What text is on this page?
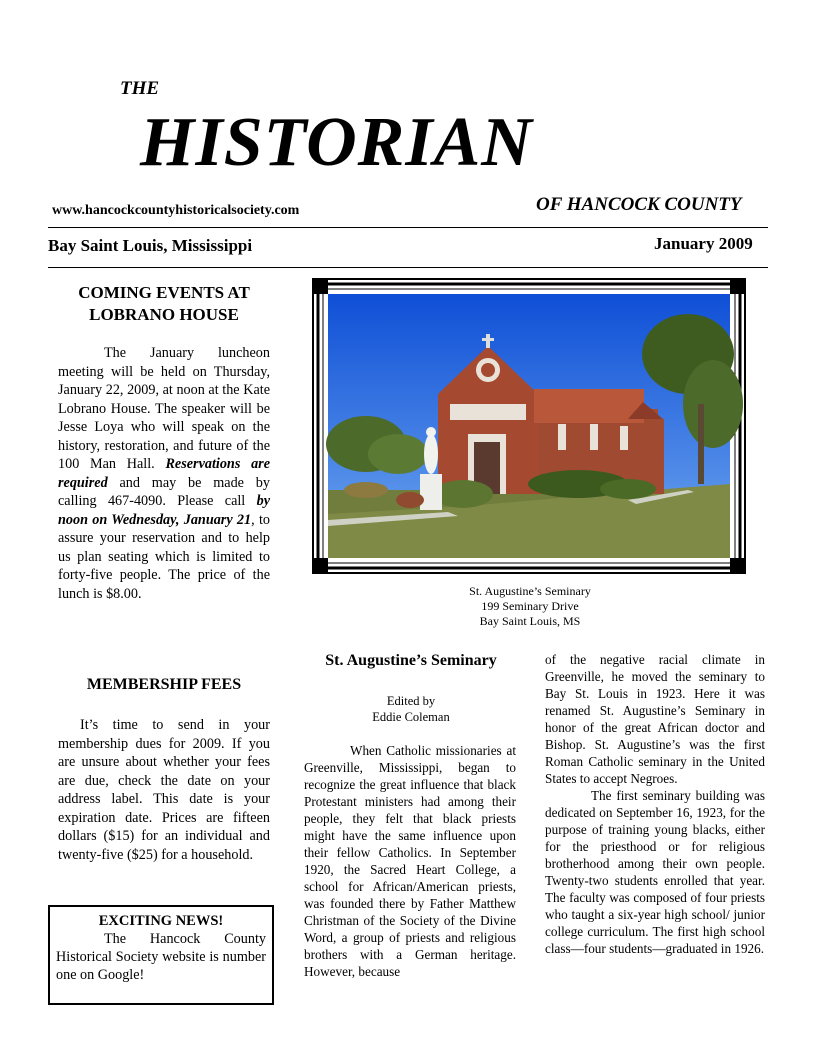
THE
HISTORIAN
OF HANCOCK COUNTY
www.hancockcountyhistoricalsociety.com
Bay Saint Louis, Mississippi	January 2009
COMING EVENTS AT LOBRANO HOUSE

The January luncheon meeting will be held on Thursday, January 22, 2009, at noon at the Kate Lobrano House. The speaker will be Jesse Loya who will speak on the history, restoration, and future of the 100 Man Hall. Reservations are required and may be made by calling 467-4090. Please call by noon on Wednesday, January 21, to assure your reservation and to help us plan seating which is limited to forty-five people. The price of the lunch is $8.00.

MEMBERSHIP FEES

It’s time to send in your membership dues for 2009. If you are unsure about whether your fees are due, check the date on your address label. This date is your expiration date. Prices are fifteen dollars ($15) for an individual and twenty-five ($25) for a household.

EXCITING NEWS!
The Hancock County Historical Society website is number one on Google!
St. Augustine’s Seminary
199 Seminary Drive
Bay Saint Louis, MS
St. Augustine’s Seminary
Edited by
Eddie Coleman

When Catholic missionaries at Greenville, Mississippi, began to recognize the great influence that black Protestant ministers had among their people, they felt that black priests might have the same influence upon their fellow Catholics. In September 1920, the Sacred Heart College, a school for African/American priests, was founded there by Father Matthew Christman of the Society of the Divine Word, a group of priests and religious brothers with a German heritage. However, because

of the negative racial climate in Greenville, he moved the seminary to Bay St. Louis in 1923. Here it was renamed St. Augustine’s Seminary in honor of the great African doctor and Bishop. St. Augustine’s was the first Roman Catholic seminary in the United States to accept Negroes.

The first seminary building was dedicated on September 16, 1923, for the purpose of training young blacks, either for the priesthood or for religious brotherhood among their own people. Twenty-two students enrolled that year. The faculty was composed of four priests who taught a six-year high school/ junior college curriculum. The first high school class—four students—graduated in 1926.
